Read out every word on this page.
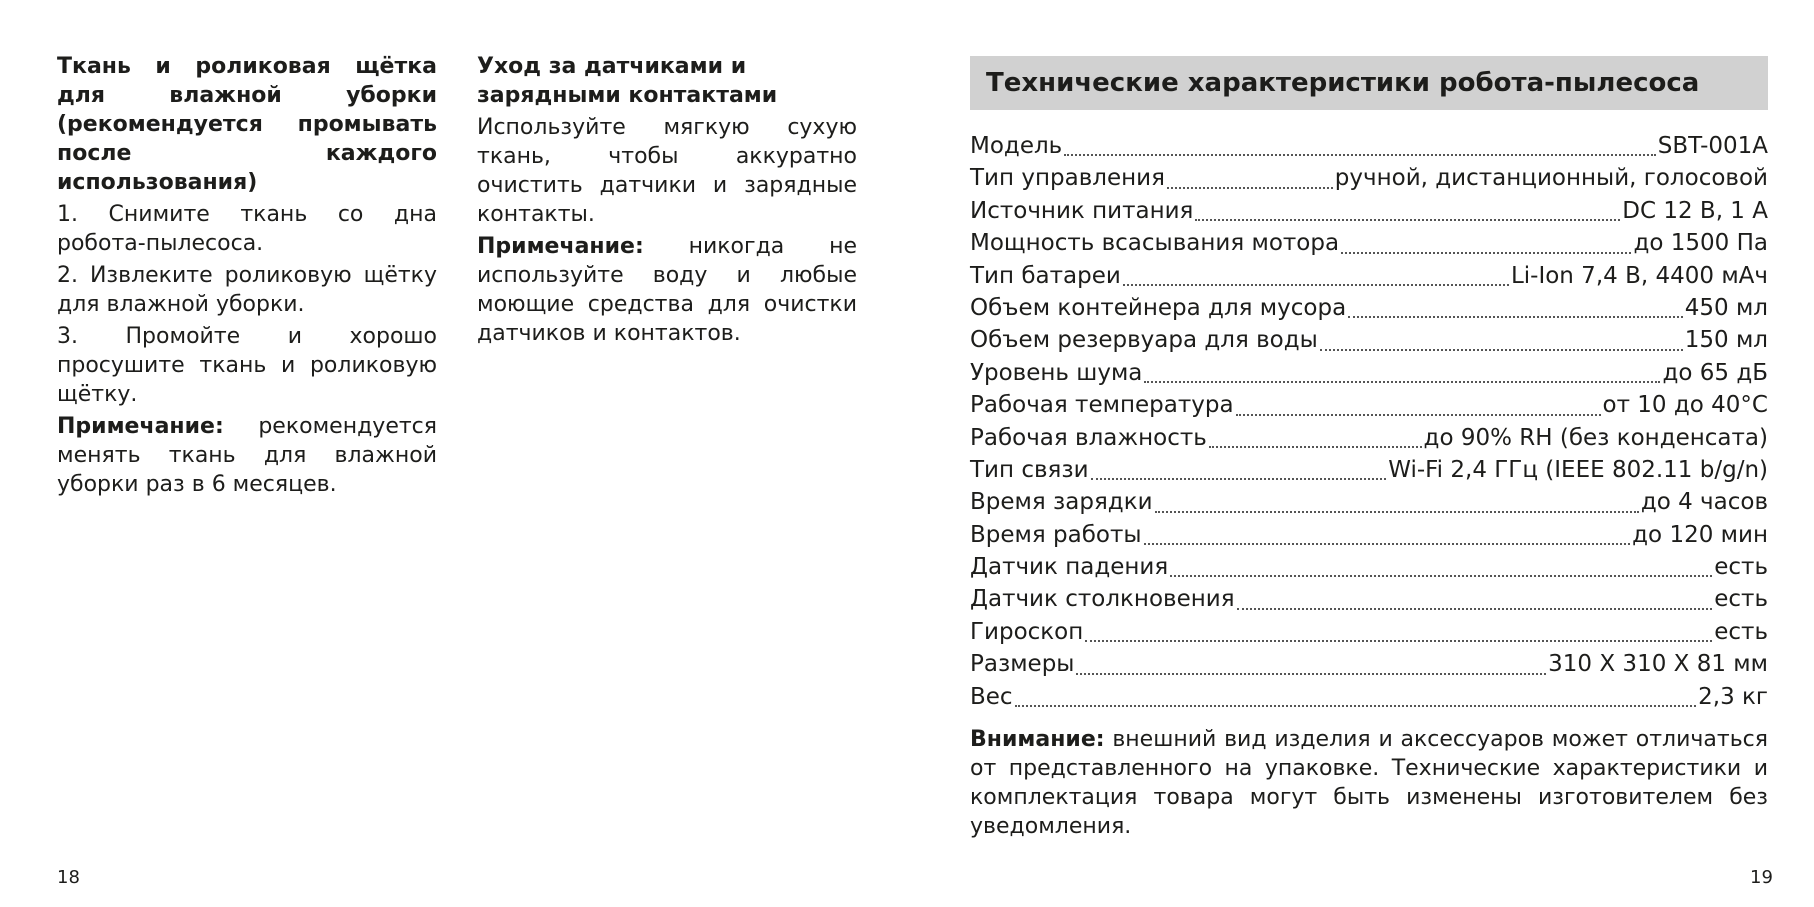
Ткань и роликовая щётка для влажной уборки (рекомендуется промывать после каждого использования)

1. Снимите ткань со дна робота-пылесоса.

2. Извлеките роликовую щётку для влажной уборки.

3. Промойте и хорошо просушите ткань и роликовую щётку.

Примечание: рекомендуется менять ткань для влажной уборки раз в 6 месяцев.

Уход за датчиками и зарядными контактами

Используйте мягкую сухую ткань, чтобы аккуратно очистить датчики и зарядные контакты.

Примечание: никогда не используйте воду и любые моющие средства для очистки датчиков и контактов.

Технические характеристики робота-пылесоса
Модель	SBT-001A
Тип управления	ручной, дистанционный, голосовой
Источник питания	DC 12 В, 1 А
Мощность всасывания мотора	до 1500 Па
Тип батареи	Li-Ion 7,4 В, 4400 мАч
Объем контейнера для мусора	450 мл
Объем резервуара для воды	150 мл
Уровень шума	до 65 дБ
Рабочая температура	от 10 до 40°С
Рабочая влажность	до 90% RH (без конденсата)
Тип связи	Wi-Fi 2,4 ГГц (IEEE 802.11 b/g/n)
Время зарядки	до 4 часов
Время работы	до 120 мин
Датчик падения	есть
Датчик столкновения	есть
Гироскоп	есть
Размеры	310 Х 310 Х 81 мм
Вес	2,3 кг
Внимание: внешний вид изделия и аксессуаров может отличаться от представленного на упаковке. Технические характеристики и комплектация товара могут быть изменены изготовителем без уведомления.
18	19
